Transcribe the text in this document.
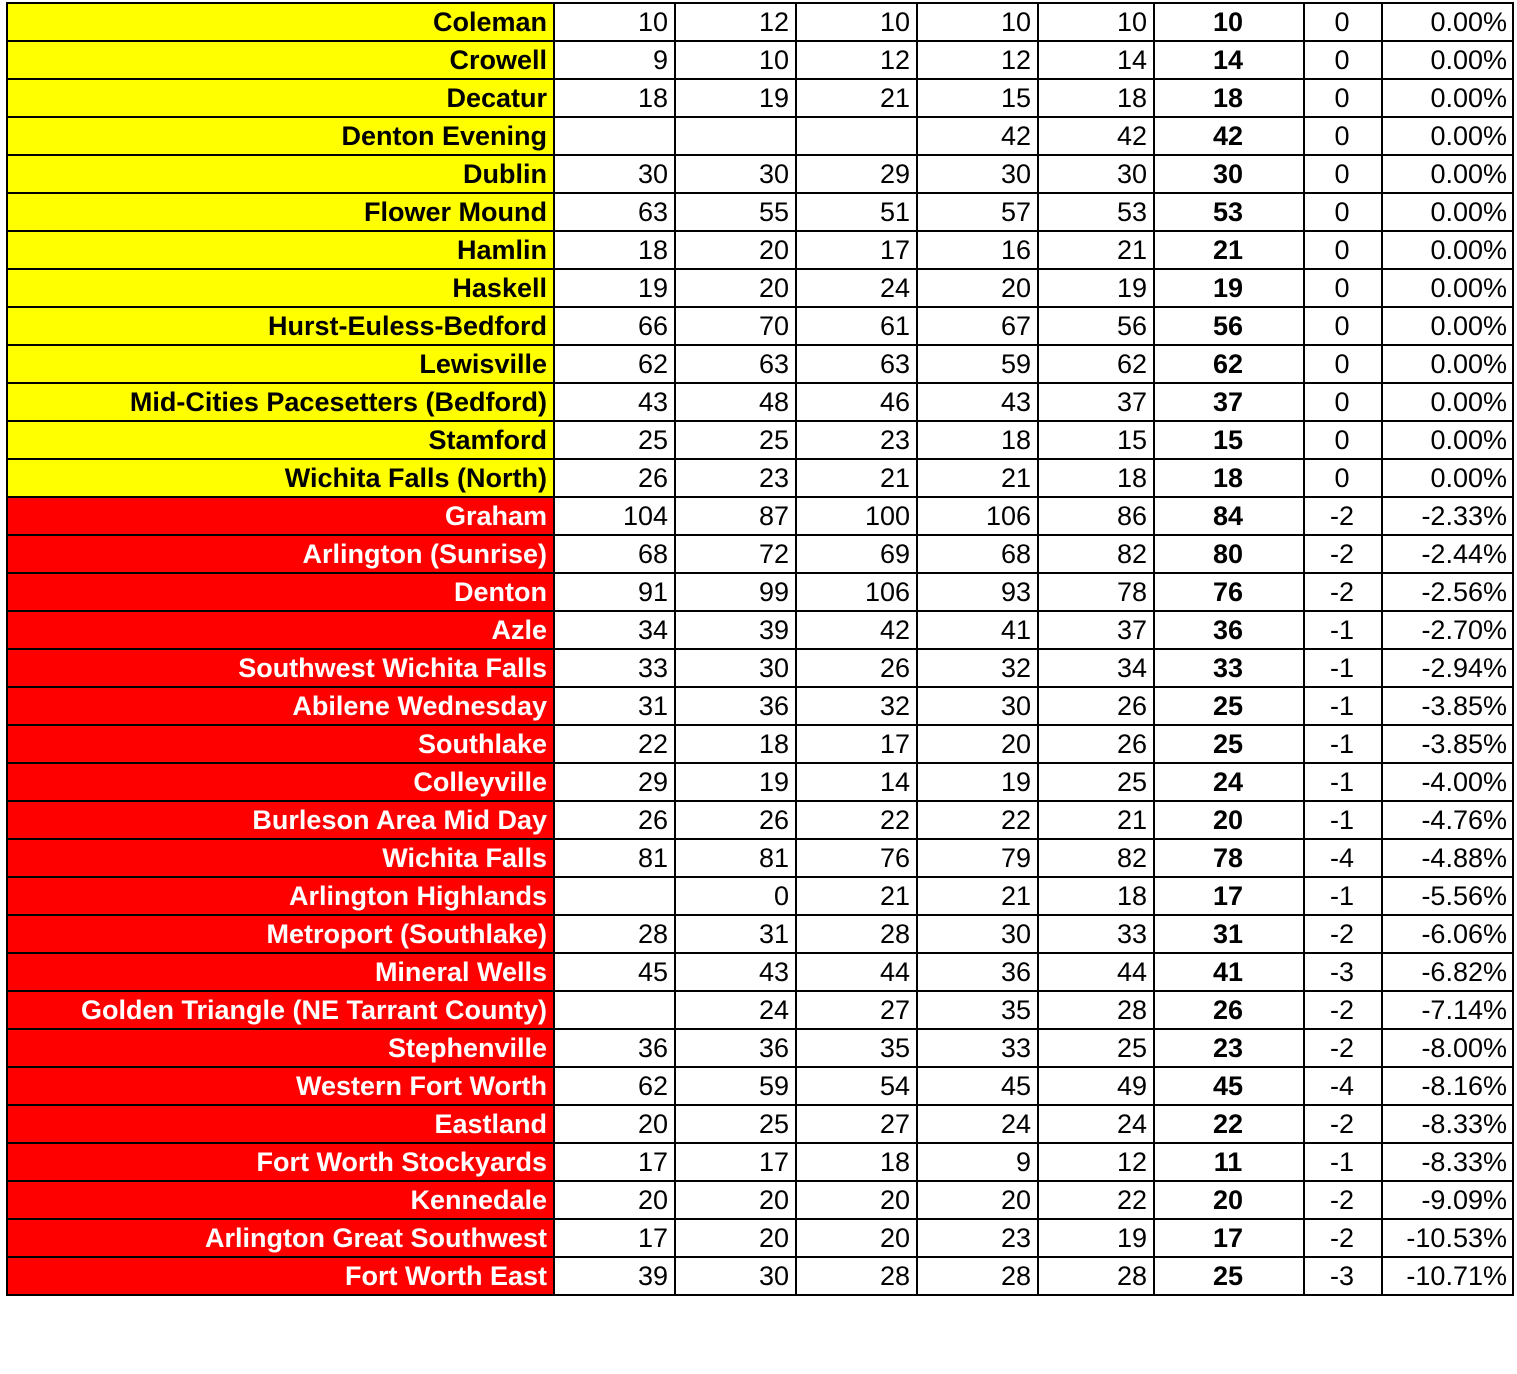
Coleman	10	12	10	10	10	10	0	0.00%
Crowell	9	10	12	12	14	14	0	0.00%
Decatur	18	19	21	15	18	18	0	0.00%
Denton Evening				42	42	42	0	0.00%
Dublin	30	30	29	30	30	30	0	0.00%
Flower Mound	63	55	51	57	53	53	0	0.00%
Hamlin	18	20	17	16	21	21	0	0.00%
Haskell	19	20	24	20	19	19	0	0.00%
Hurst-Euless-Bedford	66	70	61	67	56	56	0	0.00%
Lewisville	62	63	63	59	62	62	0	0.00%
Mid-Cities Pacesetters (Bedford)	43	48	46	43	37	37	0	0.00%
Stamford	25	25	23	18	15	15	0	0.00%
Wichita Falls (North)	26	23	21	21	18	18	0	0.00%
Graham	104	87	100	106	86	84	-2	-2.33%
Arlington (Sunrise)	68	72	69	68	82	80	-2	-2.44%
Denton	91	99	106	93	78	76	-2	-2.56%
Azle	34	39	42	41	37	36	-1	-2.70%
Southwest Wichita Falls	33	30	26	32	34	33	-1	-2.94%
Abilene Wednesday	31	36	32	30	26	25	-1	-3.85%
Southlake	22	18	17	20	26	25	-1	-3.85%
Colleyville	29	19	14	19	25	24	-1	-4.00%
Burleson Area Mid Day	26	26	22	22	21	20	-1	-4.76%
Wichita Falls	81	81	76	79	82	78	-4	-4.88%
Arlington Highlands		0	21	21	18	17	-1	-5.56%
Metroport (Southlake)	28	31	28	30	33	31	-2	-6.06%
Mineral Wells	45	43	44	36	44	41	-3	-6.82%
Golden Triangle (NE Tarrant County)		24	27	35	28	26	-2	-7.14%
Stephenville	36	36	35	33	25	23	-2	-8.00%
Western Fort Worth	62	59	54	45	49	45	-4	-8.16%
Eastland	20	25	27	24	24	22	-2	-8.33%
Fort Worth Stockyards	17	17	18	9	12	11	-1	-8.33%
Kennedale	20	20	20	20	22	20	-2	-9.09%
Arlington Great Southwest	17	20	20	23	19	17	-2	-10.53%
Fort Worth East	39	30	28	28	28	25	-3	-10.71%
